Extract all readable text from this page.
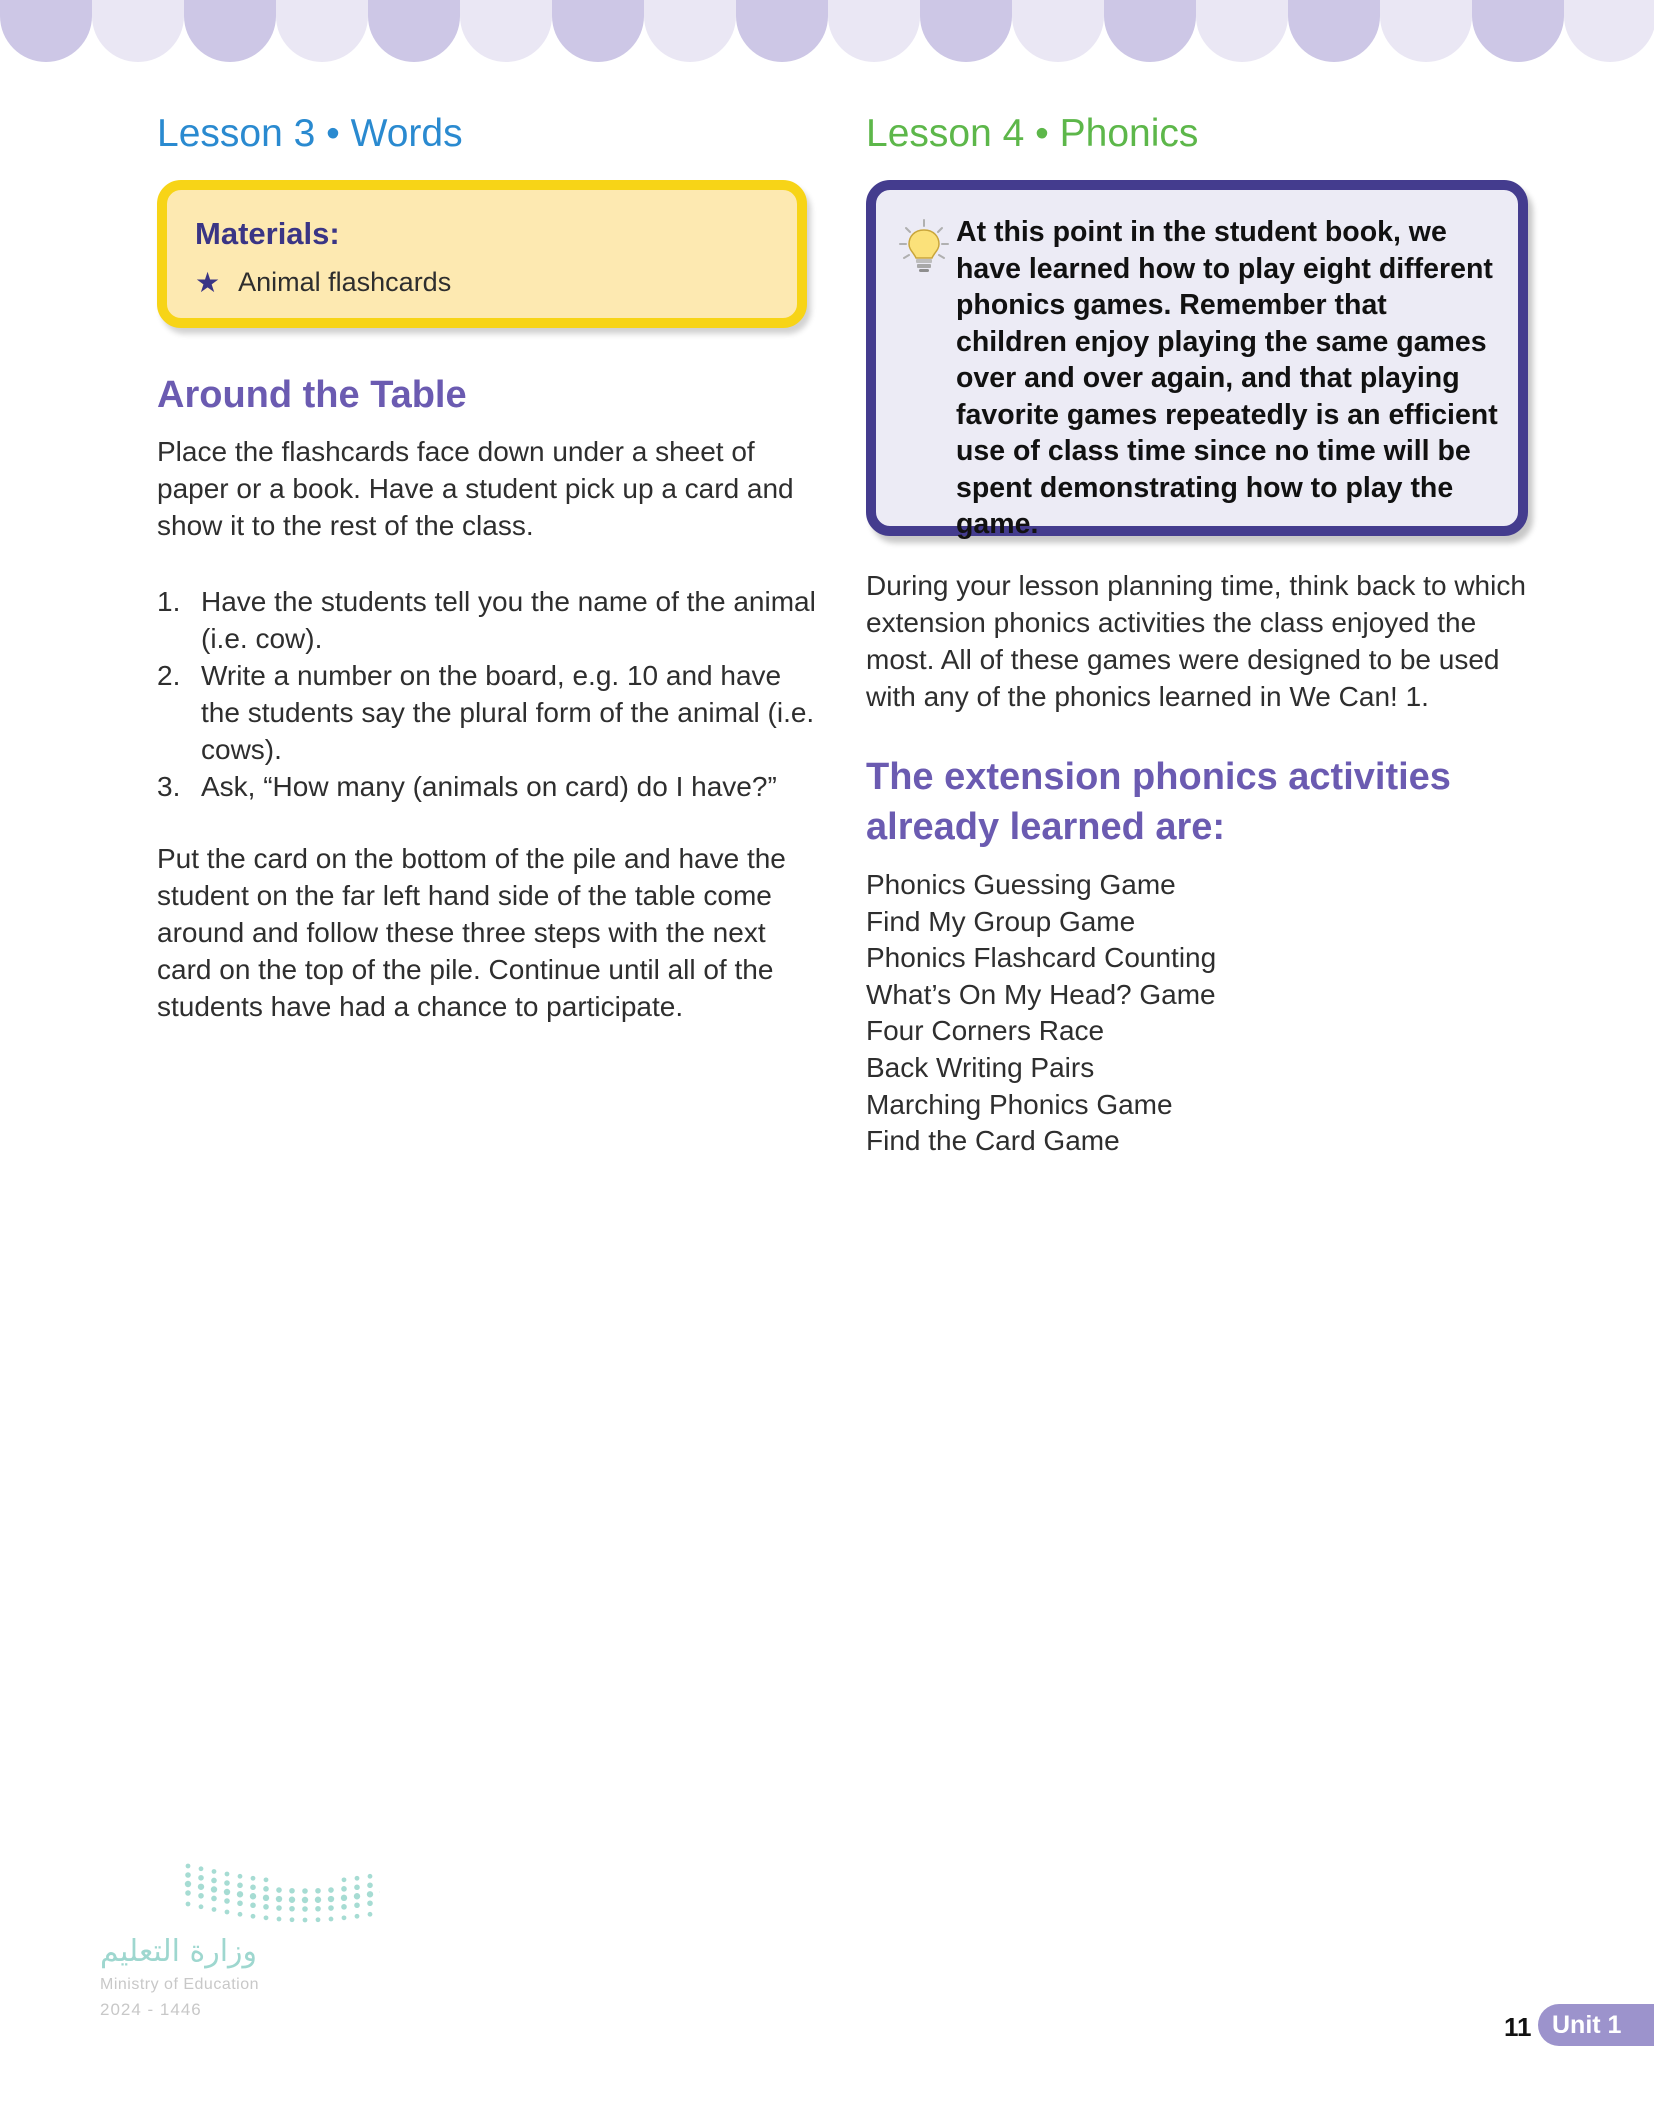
Lesson 3 • Words
Materials:
★ Animal flashcards
Around the Table

Place the flashcards face down under a sheet of paper or a book. Have a student pick up a card and show it to the rest of the class.

1. Have the students tell you the name of the animal (i.e. cow).
2. Write a number on the board, e.g. 10 and have the students say the plural form of the animal (i.e. cows).
3. Ask, “How many (animals on card) do I have?”

Put the card on the bottom of the pile and have the student on the far left hand side of the table come around and follow these three steps with the next card on the top of the pile. Continue until all of the students have had a chance to participate.

Lesson 4 • Phonics
At this point in the student book, we have learned how to play eight different phonics games. Remember that children enjoy playing the same games over and over again, and that playing favorite games repeatedly is an efficient use of class time since no time will be spent demonstrating how to play the game.

During your lesson planning time, think back to which extension phonics activities the class enjoyed the most. All of these games were designed to be used with any of the phonics learned in We Can! 1.

The extension phonics activities already learned are:
Phonics Guessing Game
Find My Group Game
Phonics Flashcard Counting
What’s On My Head? Game
Four Corners Race
Back Writing Pairs
Marching Phonics Game
Find the Card Game
وزارة التعليم
Ministry of Education
2024 - 1446
11 Unit 1
